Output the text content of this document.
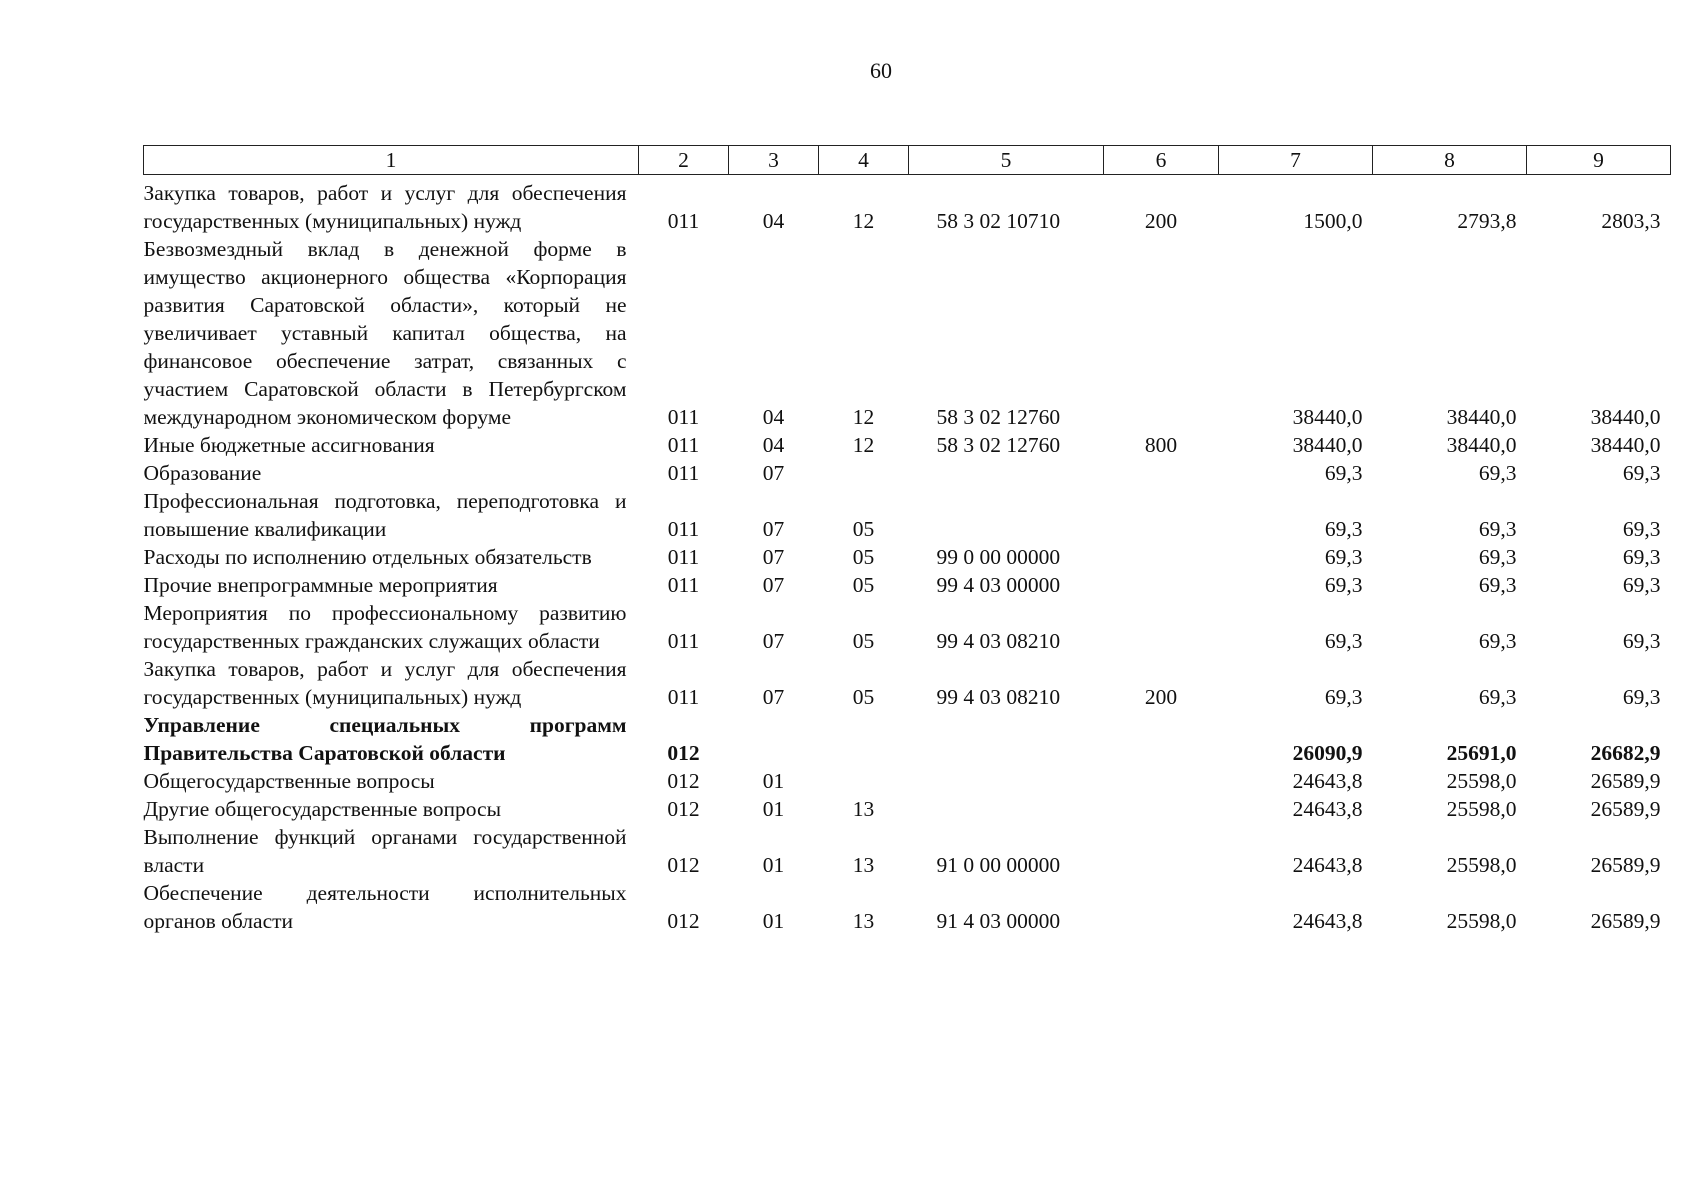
60
1	2	3	4	5	6	7	8	9
Закупка товаров, работ и услуг для обеспечения государственных (муниципальных) нужд	011	04	12	58 3 02 10710	200	1500,0	2793,8	2803,3
Безвозмездный вклад в денежной форме в имущество акционерного общества «Корпорация развития Саратовской области», который не увеличивает уставный капитал общества, на финансовое обеспечение затрат, связанных с участием Саратовской области в Петербургском международном экономическом форуме	011	04	12	58 3 02 12760		38440,0	38440,0	38440,0
Иные бюджетные ассигнования	011	04	12	58 3 02 12760	800	38440,0	38440,0	38440,0
Образование	011	07				69,3	69,3	69,3
Профессиональная подготовка, переподготовка и повышение квалификации	011	07	05			69,3	69,3	69,3
Расходы по исполнению отдельных обязательств	011	07	05	99 0 00 00000		69,3	69,3	69,3
Прочие внепрограммные мероприятия	011	07	05	99 4 03 00000		69,3	69,3	69,3
Мероприятия по профессиональному развитию государственных гражданских служащих области	011	07	05	99 4 03 08210		69,3	69,3	69,3
Закупка товаров, работ и услуг для обеспечения государственных (муниципальных) нужд	011	07	05	99 4 03 08210	200	69,3	69,3	69,3
Управление специальных программ Правительства Саратовской области	012					26090,9	25691,0	26682,9
Общегосударственные вопросы	012	01				24643,8	25598,0	26589,9
Другие общегосударственные вопросы	012	01	13			24643,8	25598,0	26589,9
Выполнение функций органами государственной власти	012	01	13	91 0 00 00000		24643,8	25598,0	26589,9
Обеспечение деятельности исполнительных органов области	012	01	13	91 4 03 00000		24643,8	25598,0	26589,9
